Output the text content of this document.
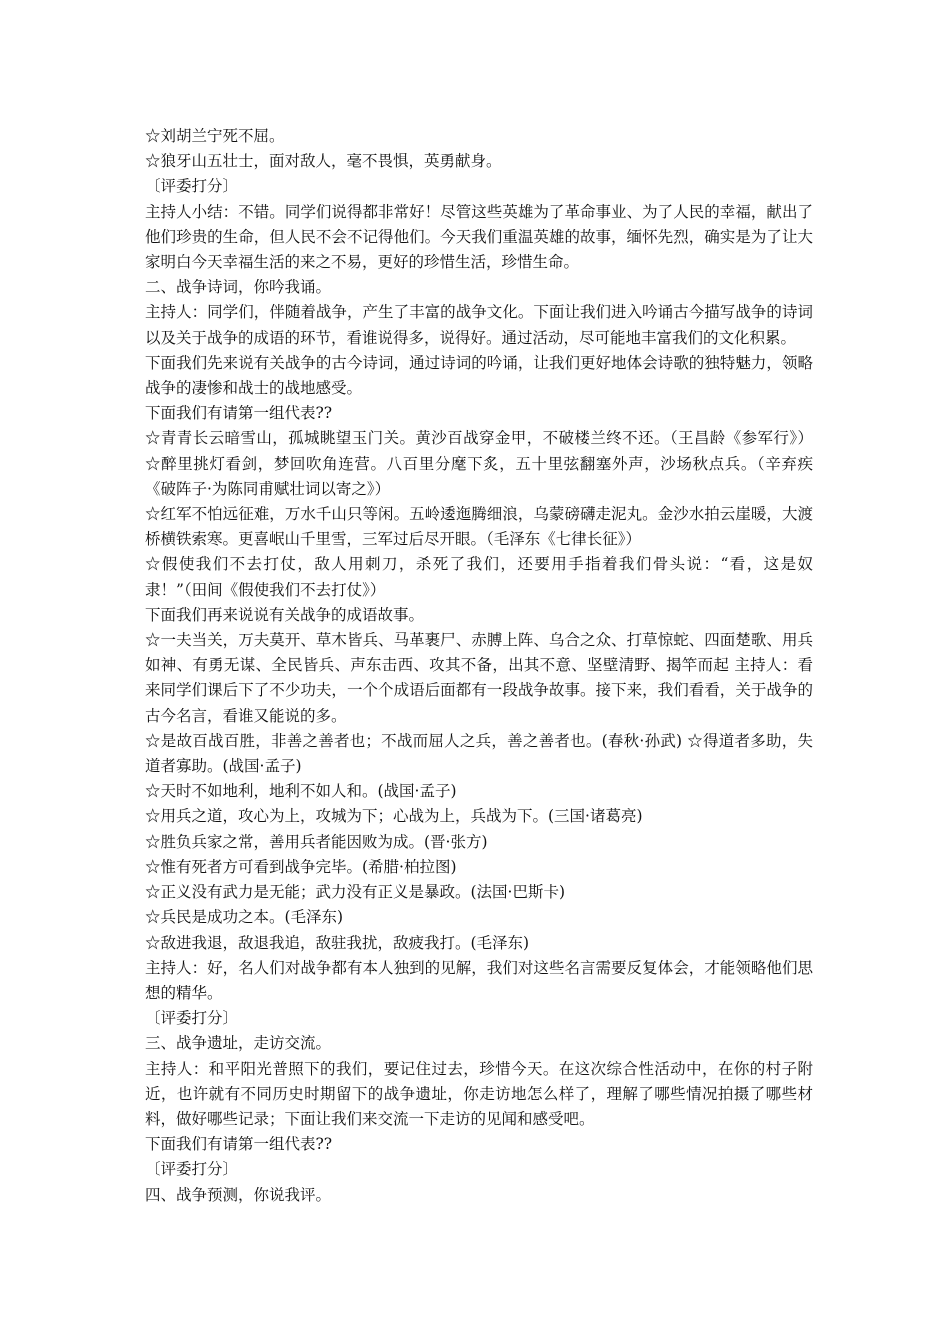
☆刘胡兰宁死不屈。

☆狼牙山五壮士，面对敌人，毫不畏惧，英勇献身。

〔评委打分〕

主持人小结：不错。同学们说得都非常好！尽管这些英雄为了革命事业、为了人民的幸福，献出了他们珍贵的生命，但人民不会不记得他们。今天我们重温英雄的故事，缅怀先烈，确实是为了让大家明白今天幸福生活的来之不易，更好的珍惜生活，珍惜生命。

二、战争诗词，你吟我诵。

主持人：同学们，伴随着战争，产生了丰富的战争文化。下面让我们进入吟诵古今描写战争的诗词以及关于战争的成语的环节，看谁说得多，说得好。通过活动，尽可能地丰富我们的文化积累。

下面我们先来说有关战争的古今诗词，通过诗词的吟诵，让我们更好地体会诗歌的独特魅力，领略战争的凄惨和战士的战地感受。

下面我们有请第一组代表??

☆青青长云暗雪山，孤城眺望玉门关。黄沙百战穿金甲，不破楼兰终不还。（王昌龄《参军行》） ☆醉里挑灯看剑，梦回吹角连营。八百里分麾下炙，五十里弦翻塞外声，沙场秋点兵。（辛弃疾《破阵子·为陈同甫赋壮词以寄之》）

☆红军不怕远征难，万水千山只等闲。五岭逶迤腾细浪，乌蒙磅礴走泥丸。金沙水拍云崖暖，大渡桥横铁索寒。更喜岷山千里雪，三军过后尽开眼。（毛泽东《七律长征》）

☆假使我们不去打仗，敌人用刺刀，杀死了我们，还要用手指着我们骨头说：“看，这是奴隶！”（田间《假使我们不去打仗》）

下面我们再来说说有关战争的成语故事。

☆一夫当关，万夫莫开、草木皆兵、马革裹尸、赤膊上阵、乌合之众、打草惊蛇、四面楚歌、用兵如神、有勇无谋、全民皆兵、声东击西、攻其不备，出其不意、坚壁清野、揭竿而起 主持人：看来同学们课后下了不少功夫，一个个成语后面都有一段战争故事。接下来，我们看看，关于战争的古今名言，看谁又能说的多。

☆是故百战百胜，非善之善者也；不战而屈人之兵，善之善者也。(春秋·孙武) ☆得道者多助，失道者寡助。(战国·孟子)

☆天时不如地利，地利不如人和。(战国·孟子)

☆用兵之道，攻心为上，攻城为下；心战为上，兵战为下。(三国·诸葛亮)

☆胜负兵家之常，善用兵者能因败为成。(晋·张方)

☆惟有死者方可看到战争完毕。(希腊·柏拉图)

☆正义没有武力是无能；武力没有正义是暴政。(法国·巴斯卡)

☆兵民是成功之本。(毛泽东)

☆敌进我退，敌退我追，敌驻我扰，敌疲我打。(毛泽东)

主持人：好，名人们对战争都有本人独到的见解，我们对这些名言需要反复体会，才能领略他们思想的精华。

〔评委打分〕

三、战争遗址，走访交流。

主持人：和平阳光普照下的我们，要记住过去，珍惜今天。在这次综合性活动中，在你的村子附近，也许就有不同历史时期留下的战争遗址，你走访地怎么样了，理解了哪些情况拍摄了哪些材料，做好哪些记录；下面让我们来交流一下走访的见闻和感受吧。

下面我们有请第一组代表??

〔评委打分〕

四、战争预测，你说我评。
